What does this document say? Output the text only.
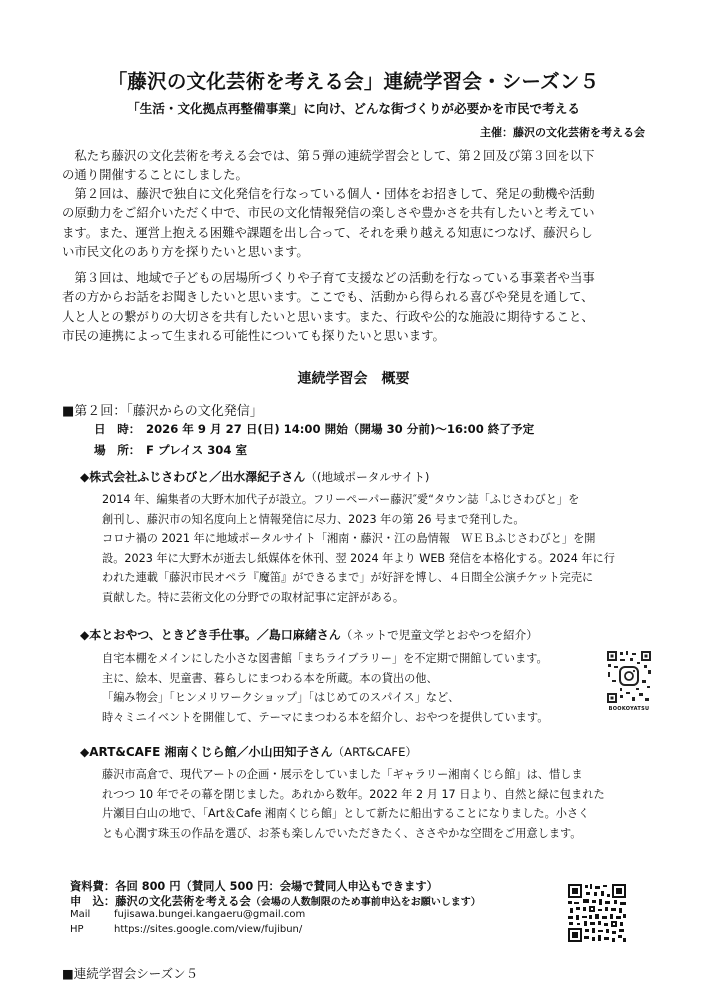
「藤沢の文化芸術を考える会」連続学習会・シーズン５
「生活・文化拠点再整備事業」に向け、どんな街づくりが必要かを市民で考える
主催：藤沢の文化芸術を考える会

私たち藤沢の文化芸術を考える会では、第５弾の連続学習会として、第２回及び第３回を以下
の通り開催することにしました。

第２回は、藤沢で独自に文化発信を行なっている個人・団体をお招きして、発足の動機や活動
の原動力をご紹介いただく中で、市民の文化情報発信の楽しさや豊かさを共有したいと考えてい
ます。また、運営上抱える困難や課題を出し合って、それを乗り越える知恵につなげ、藤沢らし
い市民文化のあり方を探りたいと思います。

第３回は、地域で子どもの居場所づくりや子育て支援などの活動を行なっている事業者や当事
者の方からお話をお聞きしたいと思います。ここでも、活動から得られる喜びや発見を通して、
人と人との繋がりの大切さを共有したいと思います。また、行政や公的な施設に期待すること、
市民の連携によって生まれる可能性についても探りたいと思います。

連続学習会　概要
■第２回：「藤沢からの文化発信」
日　時： 2026 年 9 月 27 日(日) 14:00 開始（開場 30 分前)〜16:00 終了予定
場　所： F プレイス 304 室
◆株式会社ふじさわびと／出水澤紀子さん（(地域ポータルサイト)
2014 年、編集者の大野木加代子が設立。フリーペーパー藤沢″愛“タウン誌「ふじさわびと」を
創刊し、藤沢市の知名度向上と情報発信に尽力、2023 年の第 26 号まで発刊した。
コロナ禍の 2021 年に地域ポータルサイト「湘南・藤沢・江の島情報　ＷＥＢふじさわびと」を開
設。2023 年に大野木が逝去し紙媒体を休刊、翌 2024 年より WEB 発信を本格化する。2024 年に行
われた連載「藤沢市民オペラ『魔笛』ができるまで」が好評を博し、４日間全公演チケット完売に
貢献した。特に芸術文化の分野での取材記事に定評がある。
◆本とおやつ、ときどき手仕事。／島口麻緒さん（ネットで児童文学とおやつを紹介）
自宅本棚をメインにした小さな図書館「まちライブラリー」を不定期で開館しています。
主に、絵本、児童書、暮らしにまつわる本を所蔵。本の貸出の他、
「編み物会」「ヒンメリワークショップ」「はじめてのスパイス」など、
時々ミニイベントを開催して、テーマにまつわる本を紹介し、おやつを提供しています。
BOOKOYATSU
◆ART&CAFE 湘南くじら館／小山田知子さん（ART&CAFE）
藤沢市高倉で、現代アートの企画・展示をしていました「ギャラリー湘南くじら館」は、惜しま
れつつ 10 年でその幕を閉じました。あれから数年。2022 年 2 月 17 日より、自然と緑に包まれた
片瀬目白山の地で、「Art＆Cafe 湘南くじら館」として新たに船出することになりました。小さく
とも心潤す珠玉の作品を選び、お茶も楽しんでいただきたく、ささやかな空間をご用意します。
資料費：各回 800 円（賛同人 500 円：会場で賛同人申込もできます）
申　込：藤沢の文化芸術を考える会（会場の人数制限のため事前申込をお願いします）
Mail fujisawa.bungei.kangaeru@gmail.com
HP	https://sites.google.com/view/fujibun/
■連続学習会シーズン５
